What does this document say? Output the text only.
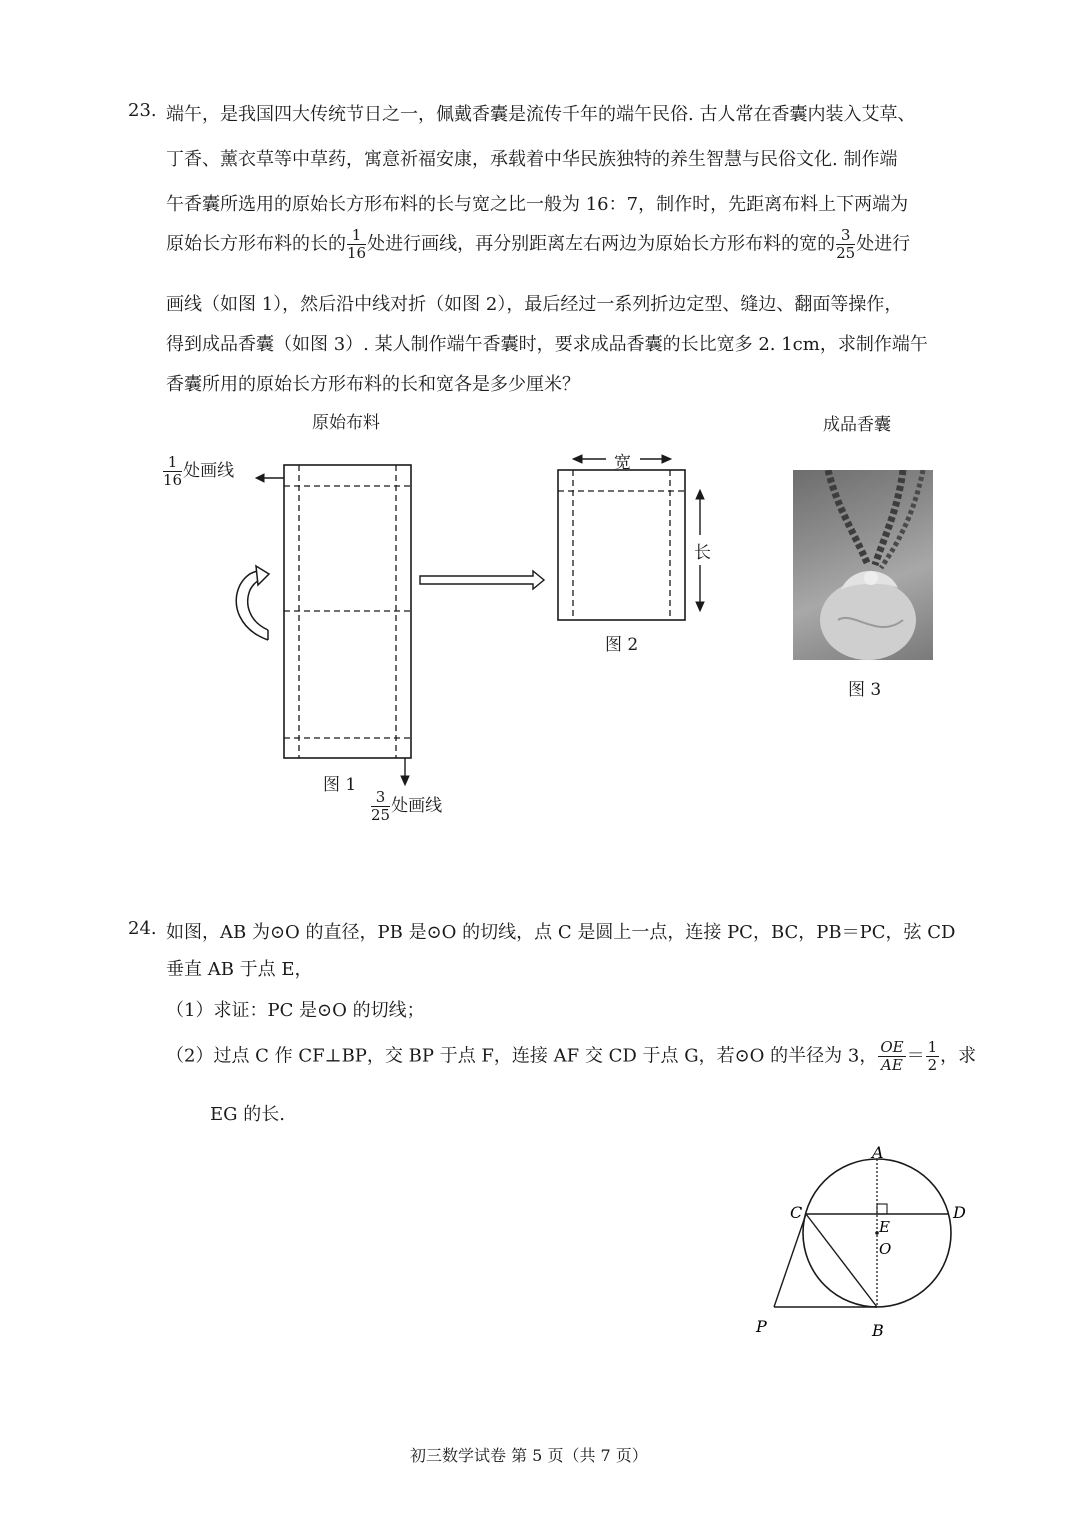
23. 端午，是我国四大传统节日之一，佩戴香囊是流传千年的端午民俗. 古人常在香囊内装入艾草、
丁香、薰衣草等中草药，寓意祈福安康，承载着中华民族独特的养生智慧与民俗文化. 制作端
午香囊所选用的原始长方形布料的长与宽之比一般为 16：7，制作时，先距离布料上下两端为
原始长方形布料的长的 $\frac{1}{16}$ 处进行画线，再分别距离左右两边为原始长方形布料的宽的 $\frac{3}{25}$ 处进行
画线（如图 1），然后沿中线对折（如图 2），最后经过一系列折边定型、缝边、翻面等操作，
得到成品香囊（如图 3）. 某人制作端午香囊时，要求成品香囊的长比宽多 2. 1cm，求制作端午
香囊所用的原始长方形布料的长和宽各是多少厘米？
原始布料	成品香囊
$\frac{1}{16}$ 处画线
$\frac{3}{25}$ 处画线
图 1
宽
长
图 2
图 3
24. 如图，AB 为⊙O 的直径，PB 是⊙O 的切线，点 C 是圆上一点，连接 PC，BC，PB＝PC，弦 CD
垂直 AB 于点 E，
（1）求证：PC 是⊙O 的切线；
（2）过点 C 作 CF⊥BP，交 BP 于点 F，连接 AF 交 CD 于点 G，若⊙O 的半径为 3， $\frac{OE}{AE} = \frac{1}{2}$ ，求
EG 的长.
A
B
C	D
E
O
P
初三数学试卷 第 5 页（共 7 页）
